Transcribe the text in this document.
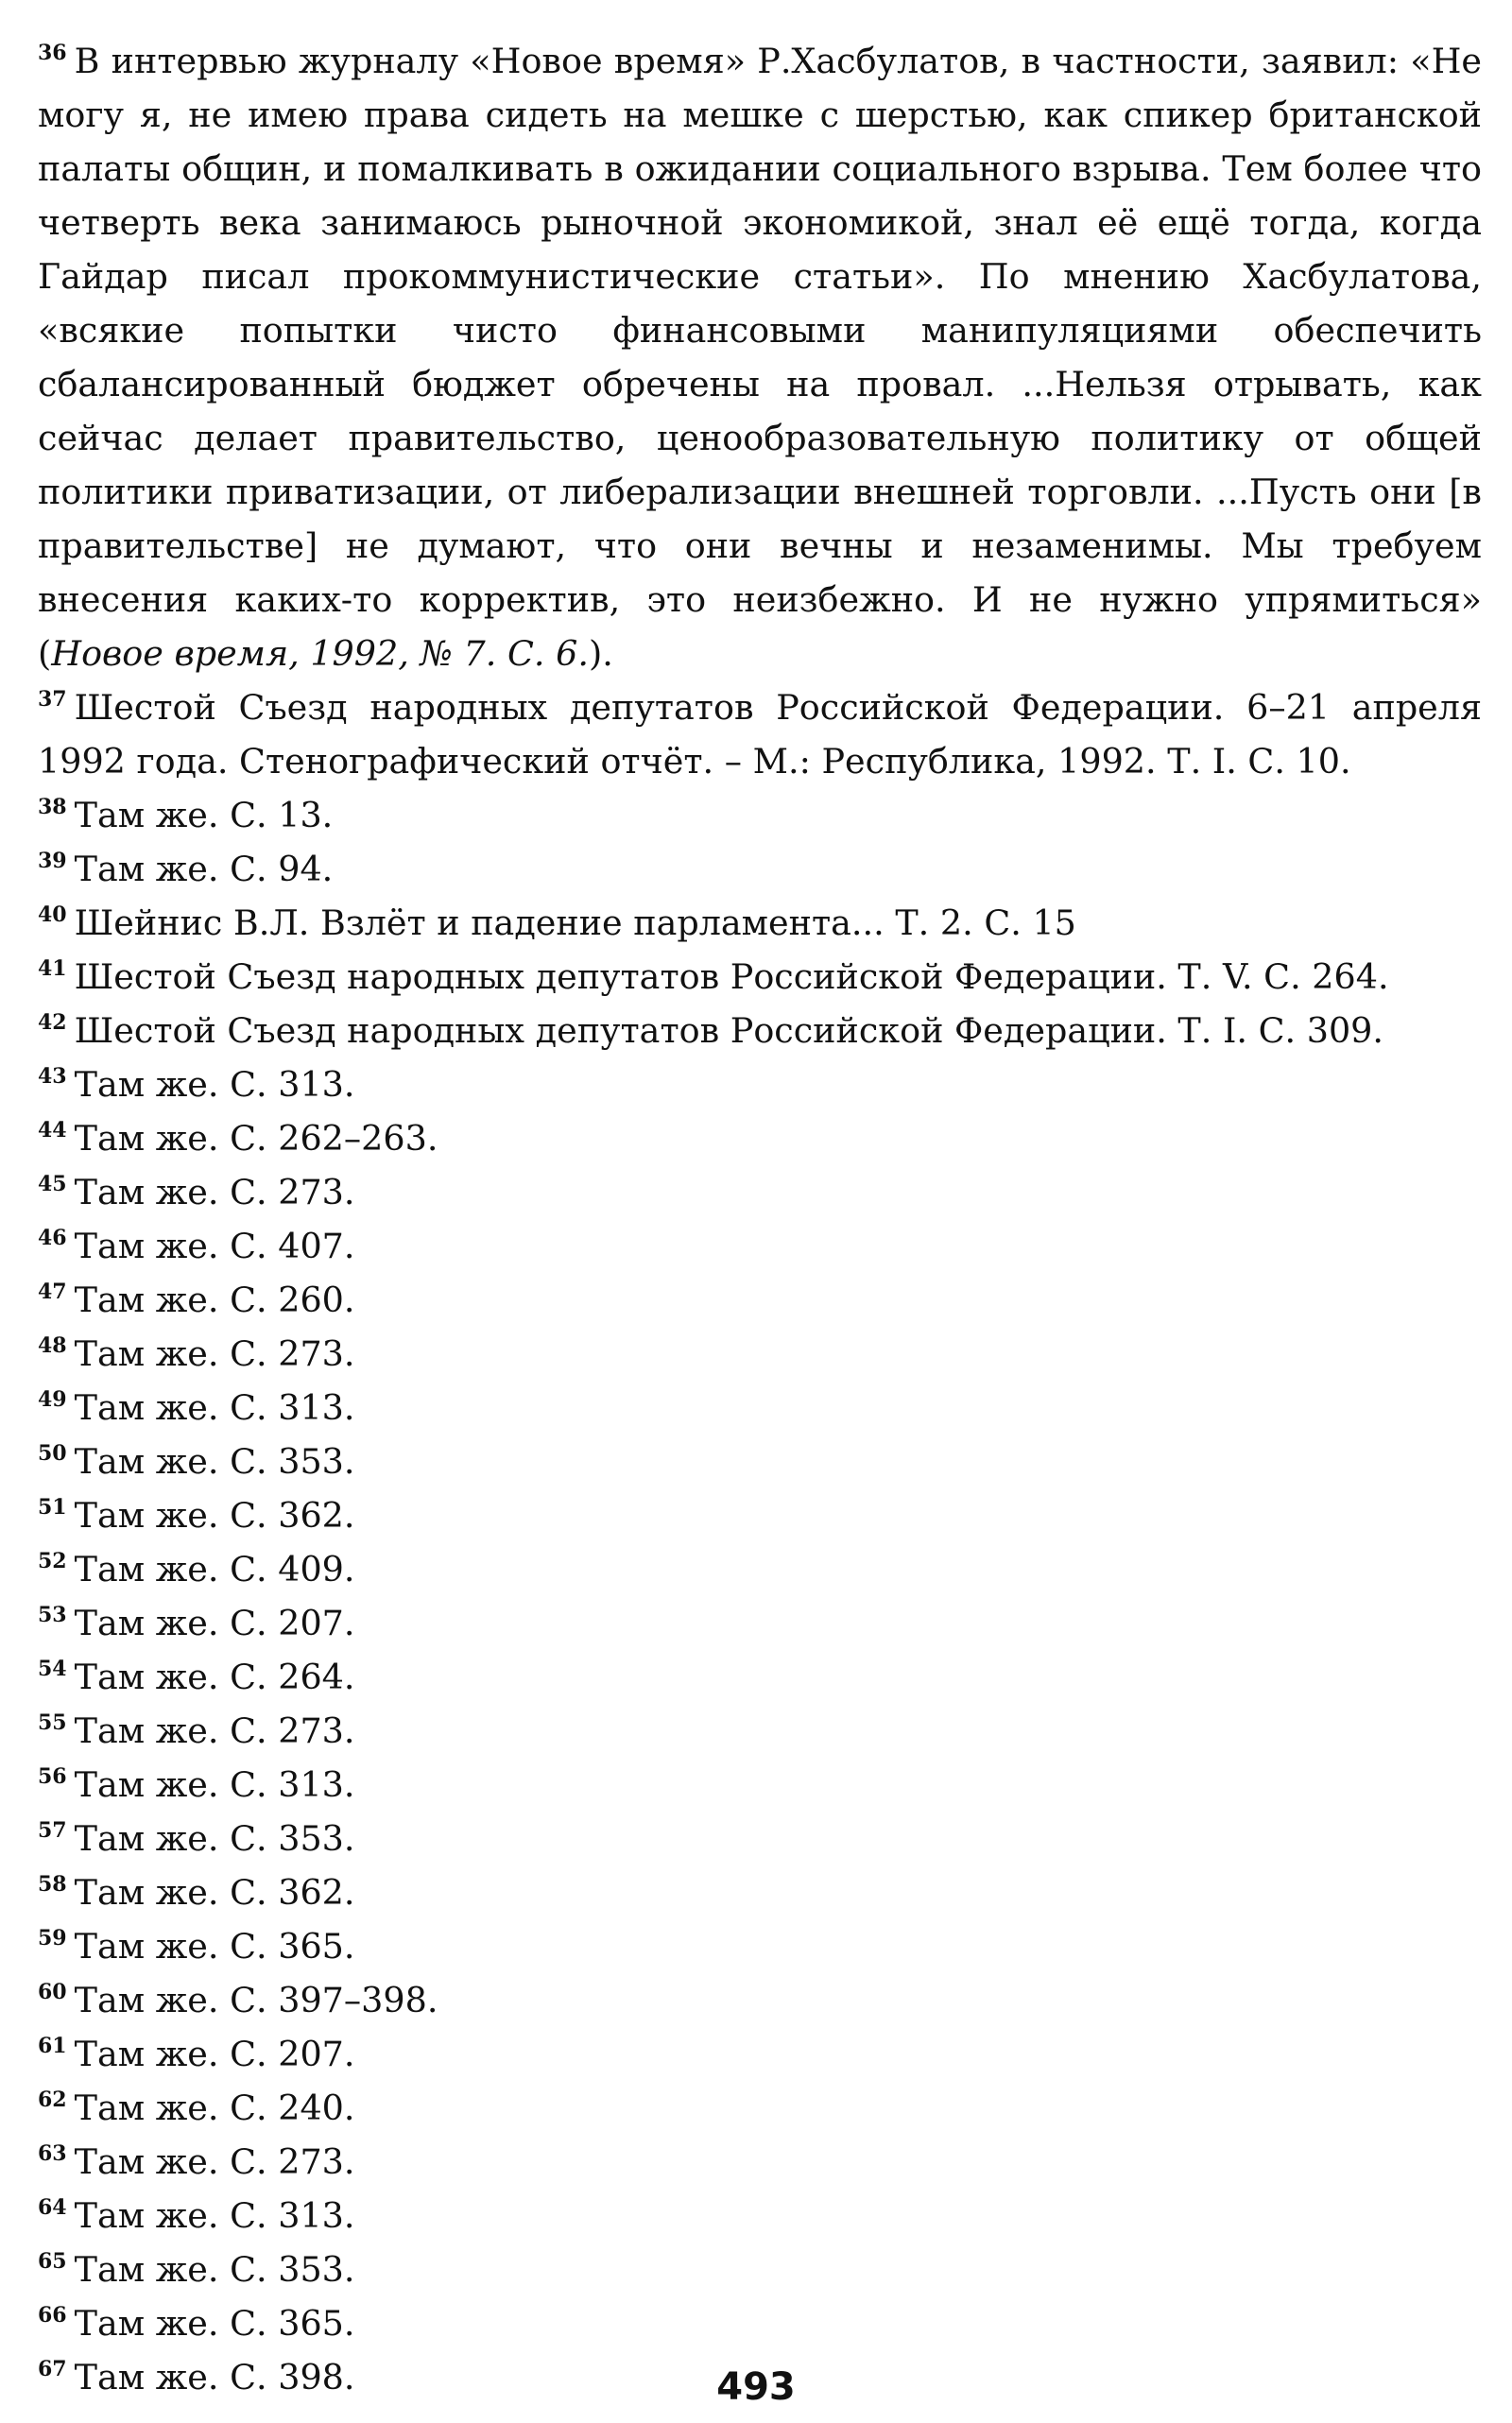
$^{36}$ В интервью журналу «Новое время» Р.Хасбулатов, в частности, заявил: «Не могу я, не имею права сидеть на мешке с шерстью, как спикер британской палаты общин, и помалкивать в ожидании социального взрыва. Тем более что четверть века занимаюсь рыночной экономикой, знал её ещё тогда, когда Гайдар писал прокоммунистические статьи». По мнению Хасбулатова, «всякие попытки чисто финансовыми манипуляциями обеспечить сбалансированный бюджет обречены на провал. ...Нельзя отрывать, как сейчас делает правительство, ценообразовательную политику от общей политики приватизации, от либерализации внешней торговли. ...Пусть они [в правительстве] не думают, что они вечны и незаменимы. Мы требуем внесения каких-то корректив, это неизбежно. И не нужно упрямиться» (Новое время, 1992, № 7. С. 6.).

$^{37}$ Шестой Съезд народных депутатов Российской Федерации. 6–21 апреля 1992 года. Стенографический отчёт. – М.: Республика, 1992. Т. I. С. 10.

$^{38}$ Там же. С. 13.

$^{39}$ Там же. С. 94.

$^{40}$ Шейнис В.Л. Взлёт и падение парламента... Т. 2. С. 15

$^{41}$ Шестой Съезд народных депутатов Российской Федерации. Т. V. С. 264.

$^{42}$ Шестой Съезд народных депутатов Российской Федерации. Т. I. С. 309.

$^{43}$ Там же. С. 313.

$^{44}$ Там же. С. 262–263.

$^{45}$ Там же. С. 273.

$^{46}$ Там же. С. 407.

$^{47}$ Там же. С. 260.

$^{48}$ Там же. С. 273.

$^{49}$ Там же. С. 313.

$^{50}$ Там же. С. 353.

$^{51}$ Там же. С. 362.

$^{52}$ Там же. С. 409.

$^{53}$ Там же. С. 207.

$^{54}$ Там же. С. 264.

$^{55}$ Там же. С. 273.

$^{56}$ Там же. С. 313.

$^{57}$ Там же. С. 353.

$^{58}$ Там же. С. 362.

$^{59}$ Там же. С. 365.

$^{60}$ Там же. С. 397–398.

$^{61}$ Там же. С. 207.

$^{62}$ Там же. С. 240.

$^{63}$ Там же. С. 273.

$^{64}$ Там же. С. 313.

$^{65}$ Там же. С. 353.

$^{66}$ Там же. С. 365.

$^{67}$ Там же. С. 398.	493
